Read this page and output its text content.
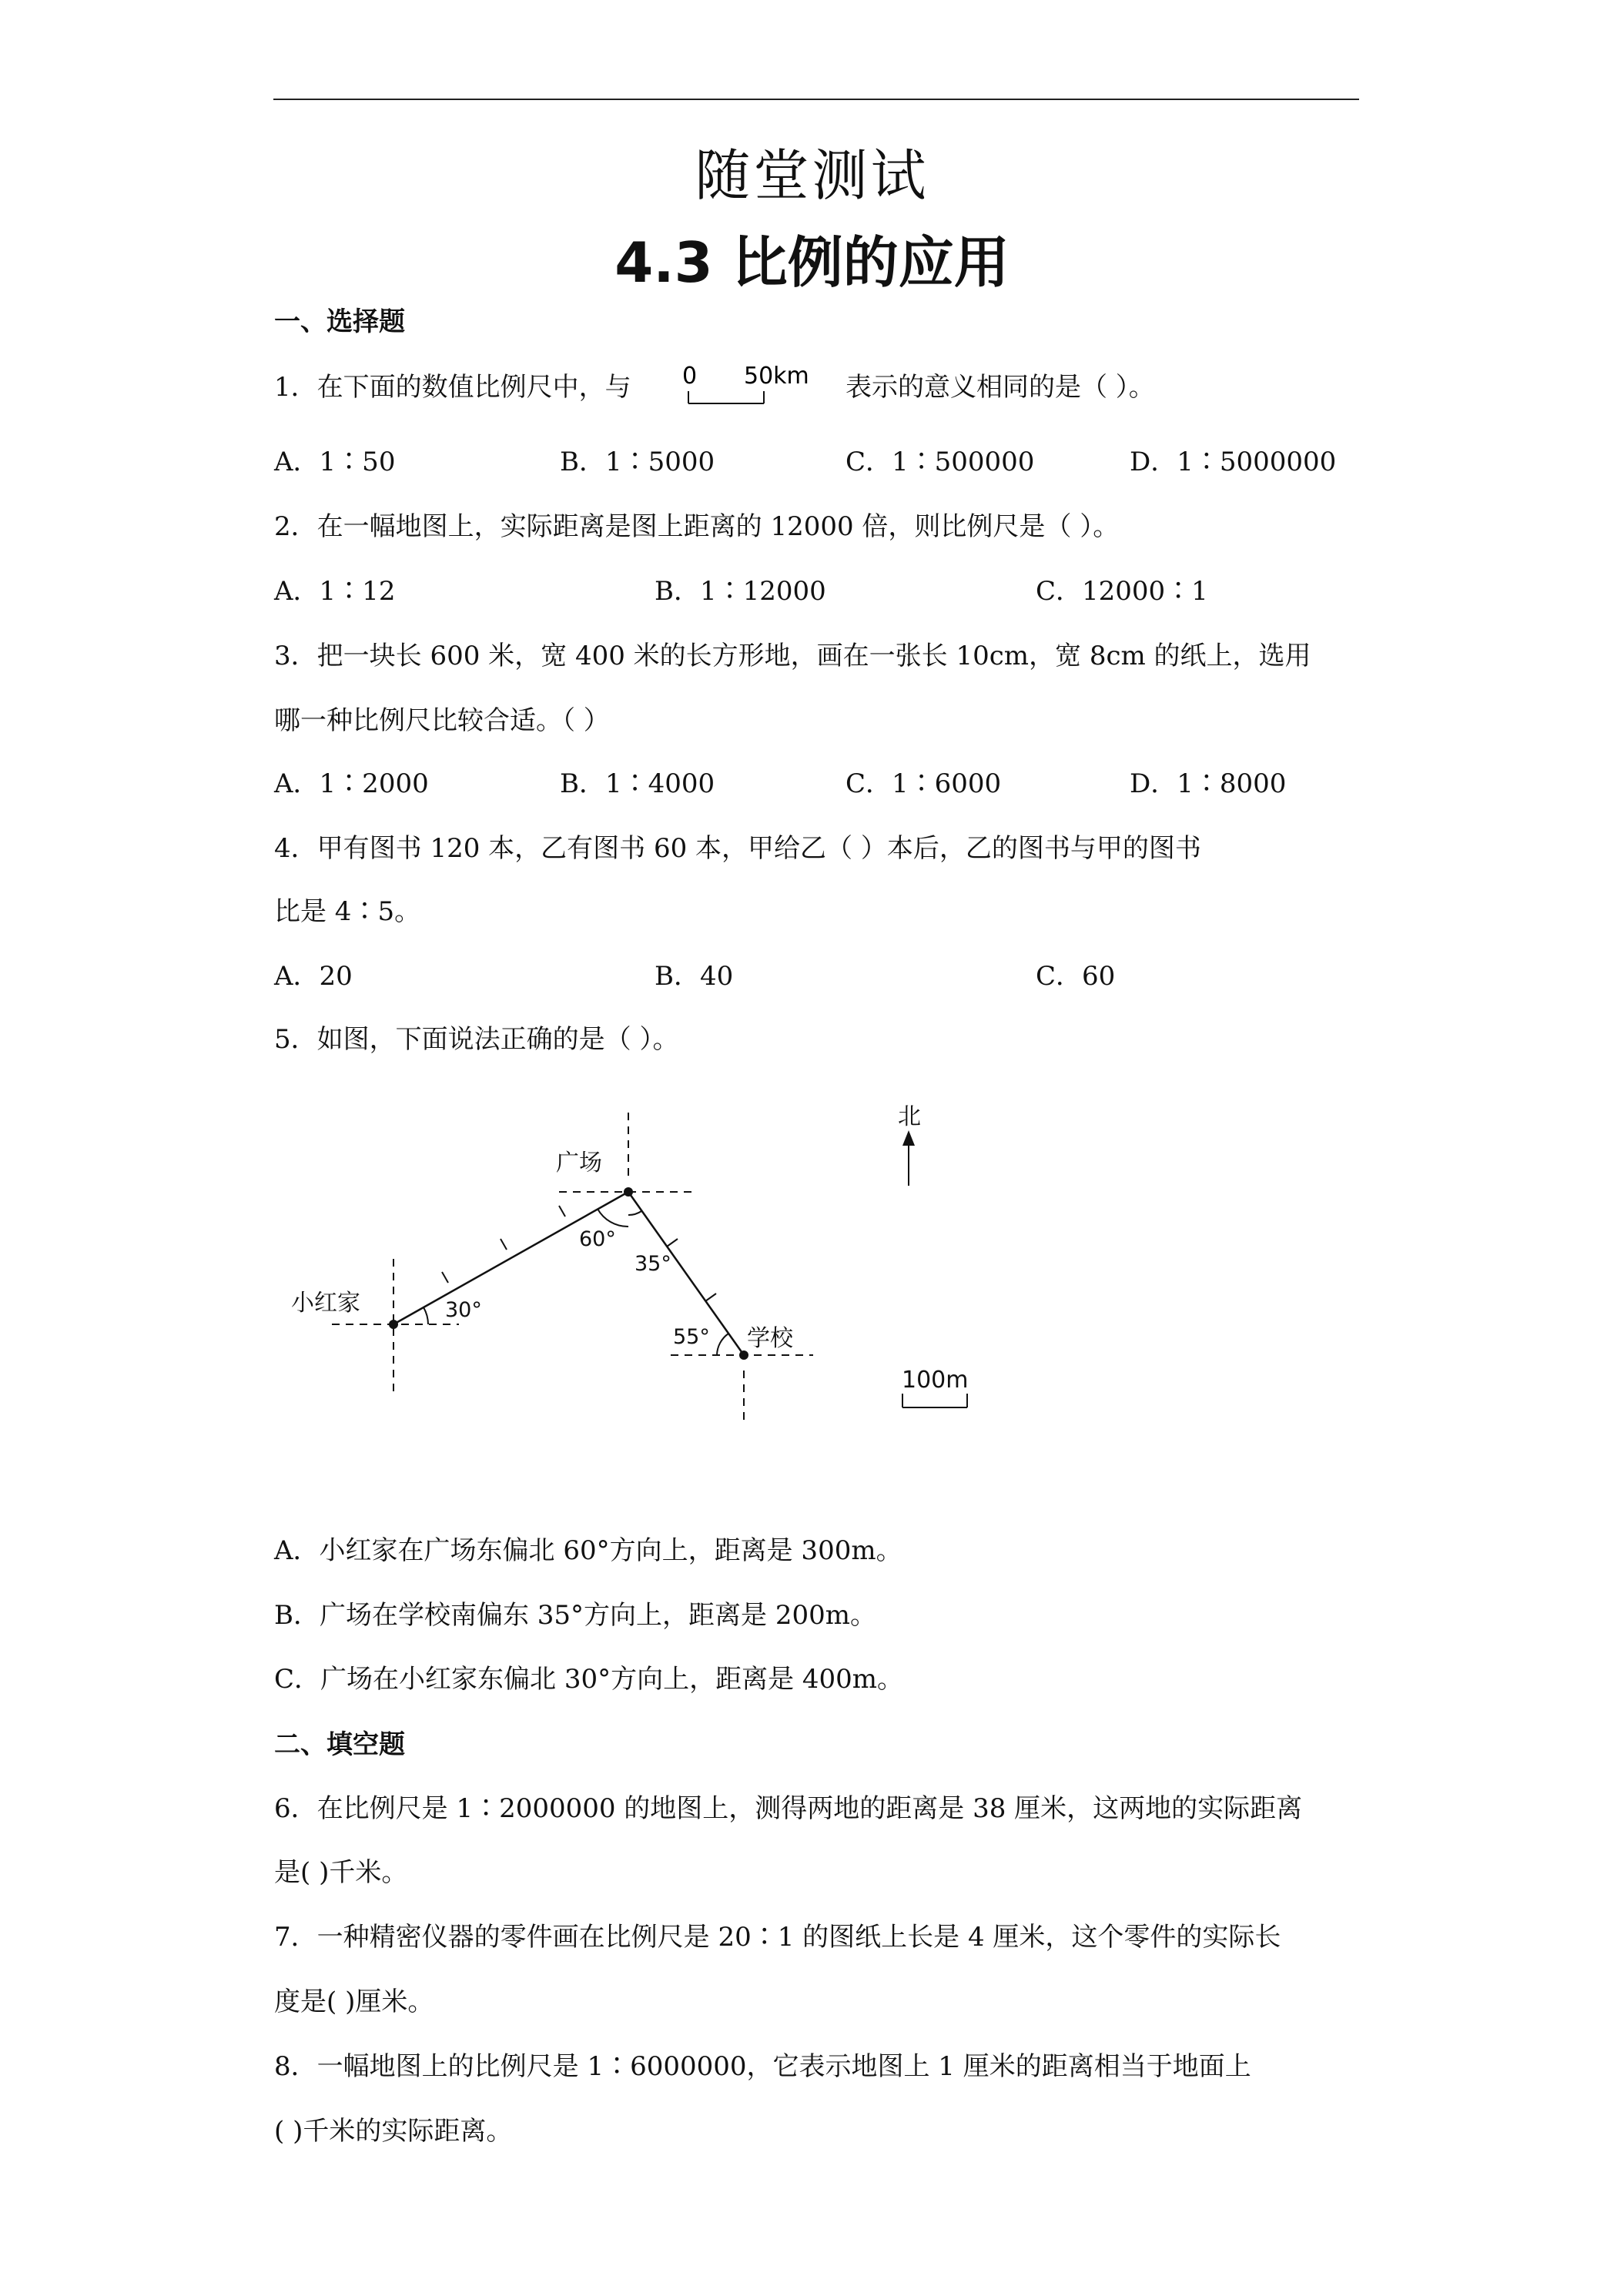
随堂测试
4.3 比例的应用
一、选择题
1．在下面的数值比例尺中，与 0 50km 表示的意义相同的是（ ）。
A．1∶50	B．1∶5000	C．1∶500000	D．1∶5000000
2．在一幅地图上，实际距离是图上距离的 12000 倍，则比例尺是（ ）。
A．1∶12	B．1∶12000	C．12000∶1
3．把一块长 600 米，宽 400 米的长方形地，画在一张长 10cm，宽 8cm 的纸上，选用
哪一种比例尺比较合适。（ ）
A．1∶2000	B．1∶4000	C．1∶6000	D．1∶8000
4．甲有图书 120 本，乙有图书 60 本，甲给乙（ ）本后，乙的图书与甲的图书
比是 4∶5。
A．20	B．40	C．60
5．如图，下面说法正确的是（ ）。
北
广场
小红家
学校
100m
30°
60°
35°
55°
A．小红家在广场东偏北 60°方向上，距离是 300m。
B．广场在学校南偏东 35°方向上，距离是 200m。
C．广场在小红家东偏北 30°方向上，距离是 400m。
二、填空题
6．在比例尺是 1∶2000000 的地图上，测得两地的距离是 38 厘米，这两地的实际距离
是( )千米。
7．一种精密仪器的零件画在比例尺是 20∶1 的图纸上长是 4 厘米，这个零件的实际长
度是( )厘米。
8．一幅地图上的比例尺是 1∶6000000，它表示地图上 1 厘米的距离相当于地面上
( )千米的实际距离。
